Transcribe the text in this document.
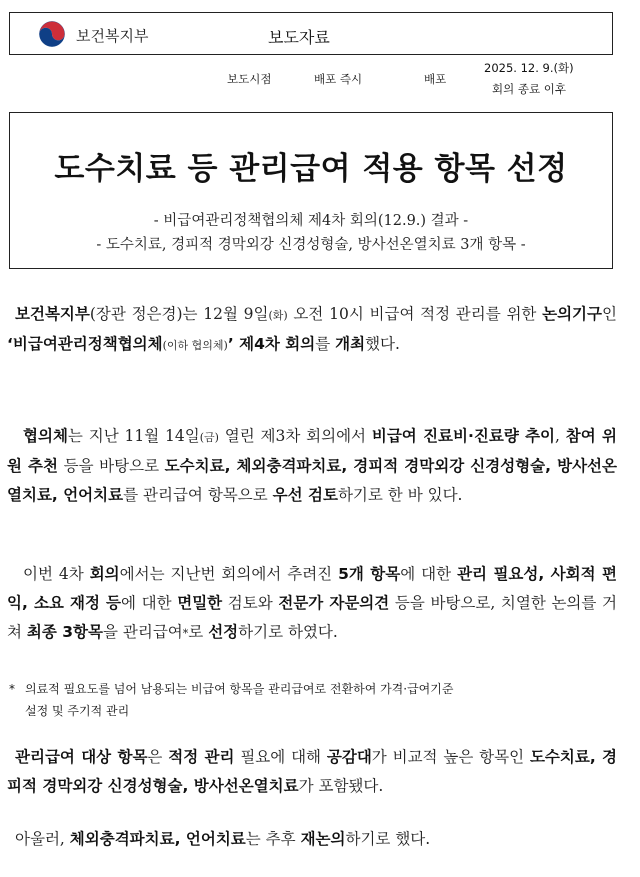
보건복지부	보도자료
보도시점	배포 즉시	배포
2025. 12. 9.(화)
회의 종료 이후
도수치료 등 관리급여 적용 항목 선정
- 비급여관리정책협의체 제4차 회의(12.9.) 결과 -
- 도수치료, 경피적 경막외강 신경성형술, 방사선온열치료 3개 항목 -
보건복지부(장관 정은경)는 12월 9일(화) 오전 10시 비급여 적정 관리를 위한 논의기구인 ‘비급여관리정책협의체(이하 협의체)’ 제4차 회의를 개최했다.
협의체는 지난 11월 14일(금) 열린 제3차 회의에서 비급여 진료비·진료량 추이, 참여 위원 추천 등을 바탕으로 도수치료, 체외충격파치료, 경피적 경막외강 신경성형술, 방사선온열치료, 언어치료를 관리급여 항목으로 우선 검토하기로 한 바 있다.
이번 4차 회의에서는 지난번 회의에서 추려진 5개 항목에 대한 관리 필요성, 사회적 편익, 소요 재정 등에 대한 면밀한 검토와 전문가 자문의견 등을 바탕으로, 치열한 논의를 거쳐 최종 3항목을 관리급여*로 선정하기로 하였다.
* 의료적 필요도를 넘어 남용되는 비급여 항목을 관리급여로 전환하여 가격·급여기준
설정 및 주기적 관리
관리급여 대상 항목은 적정 관리 필요에 대해 공감대가 비교적 높은 항목인 도수치료, 경피적 경막외강 신경성형술, 방사선온열치료가 포함됐다.
아울러, 체외충격파치료, 언어치료는 추후 재논의하기로 했다.
